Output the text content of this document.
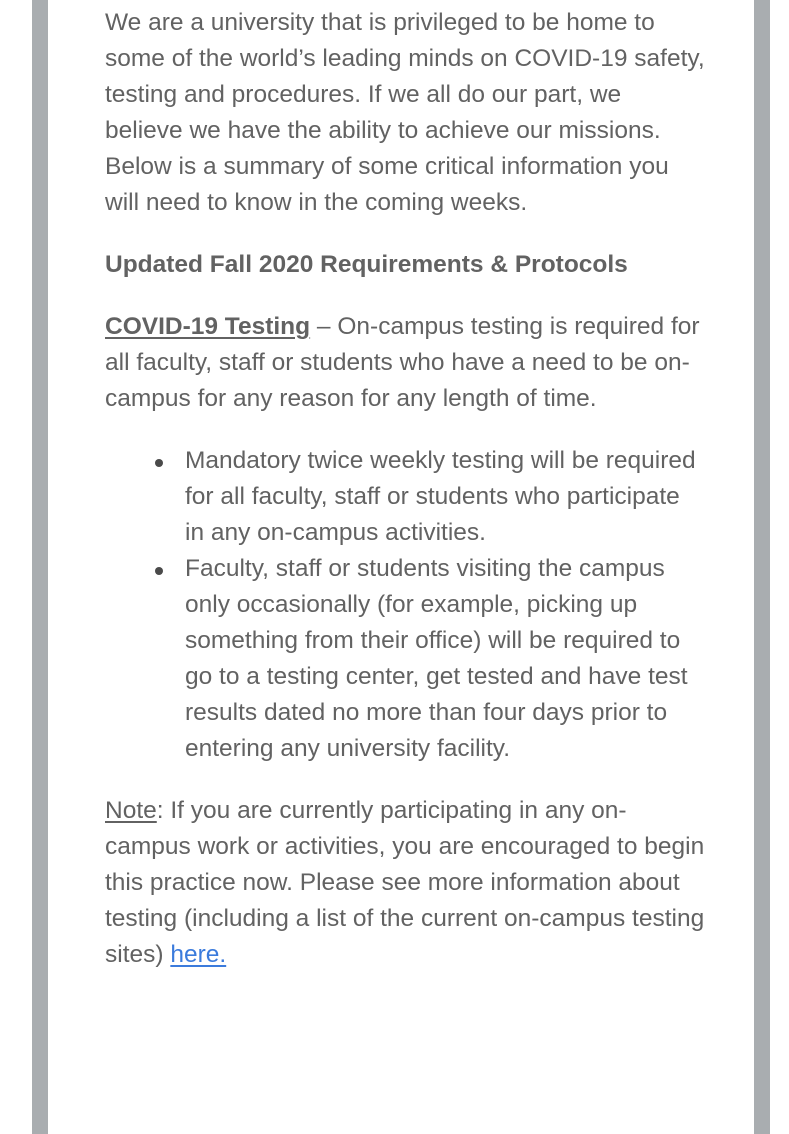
We are a university that is privileged to be home to some of the world’s leading minds on COVID-19 safety, testing and procedures. If we all do our part, we believe we have the ability to achieve our missions. Below is a summary of some critical information you will need to know in the coming weeks.

Updated Fall 2020 Requirements & Protocols

COVID-19 Testing – On-campus testing is required for all faculty, staff or students who have a need to be on-campus for any reason for any length of time.

Mandatory twice weekly testing will be required for all faculty, staff or students who participate in any on-campus activities.
Faculty, staff or students visiting the campus only occasionally (for example, picking up something from their office) will be required to go to a testing center, get tested and have test results dated no more than four days prior to entering any university facility.

Note: If you are currently participating in any on-campus work or activities, you are encouraged to begin this practice now. Please see more information about testing (including a list of the current on-campus testing sites) here.
